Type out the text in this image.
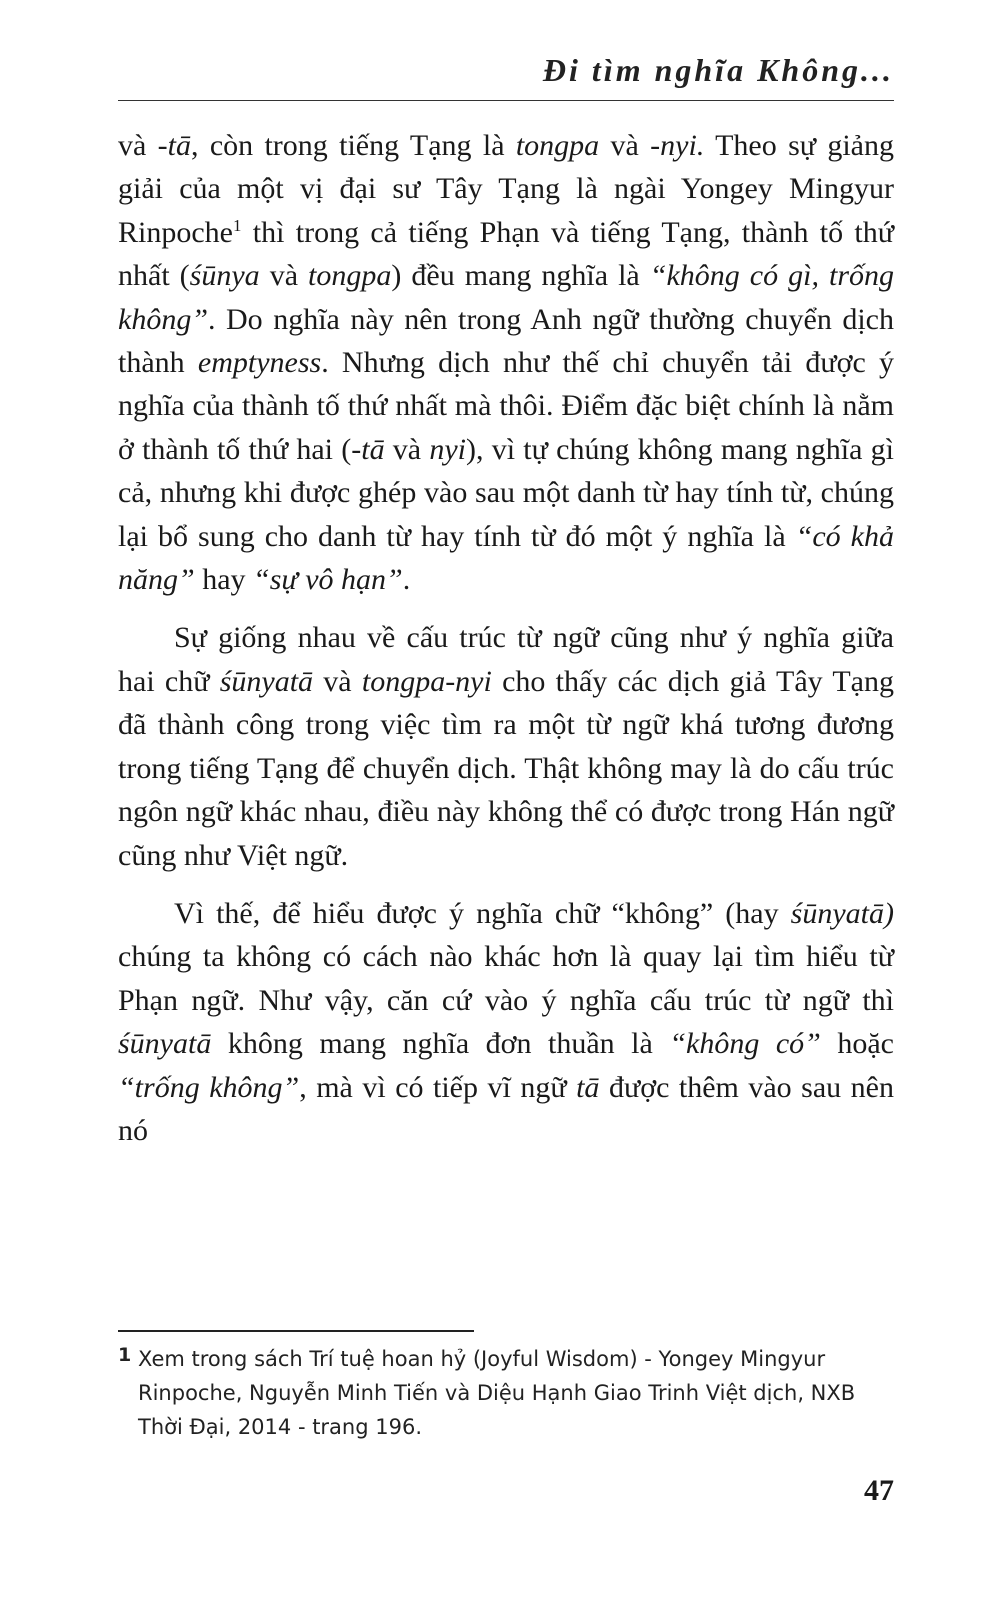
Đi tìm nghĩa Không...

và -tā, còn trong tiếng Tạng là tongpa và -nyi. Theo sự giảng giải của một vị đại sư Tây Tạng là ngài Yongey Mingyur Rinpoche$^1$ thì trong cả tiếng Phạn và tiếng Tạng, thành tố thứ nhất (śūnya và tongpa) đều mang nghĩa là “không có gì, trống không”. Do nghĩa này nên trong Anh ngữ thường chuyển dịch thành emptyness. Nhưng dịch như thế chỉ chuyển tải được ý nghĩa của thành tố thứ nhất mà thôi. Điểm đặc biệt chính là nằm ở thành tố thứ hai (-tā và nyi), vì tự chúng không mang nghĩa gì cả, nhưng khi được ghép vào sau một danh từ hay tính từ, chúng lại bổ sung cho danh từ hay tính từ đó một ý nghĩa là “có khả năng” hay “sự vô hạn”.

Sự giống nhau về cấu trúc từ ngữ cũng như ý nghĩa giữa hai chữ śūnyatā và tongpa-nyi cho thấy các dịch giả Tây Tạng đã thành công trong việc tìm ra một từ ngữ khá tương đương trong tiếng Tạng để chuyển dịch. Thật không may là do cấu trúc ngôn ngữ khác nhau, điều này không thể có được trong Hán ngữ cũng như Việt ngữ.

Vì thế, để hiểu được ý nghĩa chữ “không” (hay śūnyatā) chúng ta không có cách nào khác hơn là quay lại tìm hiểu từ Phạn ngữ. Như vậy, căn cứ vào ý nghĩa cấu trúc từ ngữ thì śūnyatā không mang nghĩa đơn thuần là “không có” hoặc “trống không”, mà vì có tiếp vĩ ngữ tā được thêm vào sau nên nó

1 Xem trong sách Trí tuệ hoan hỷ (Joyful Wisdom) - Yongey Mingyur Rinpoche, Nguyễn Minh Tiến và Diệu Hạnh Giao Trinh Việt dịch, NXB Thời Đại, 2014 - trang 196.
47
